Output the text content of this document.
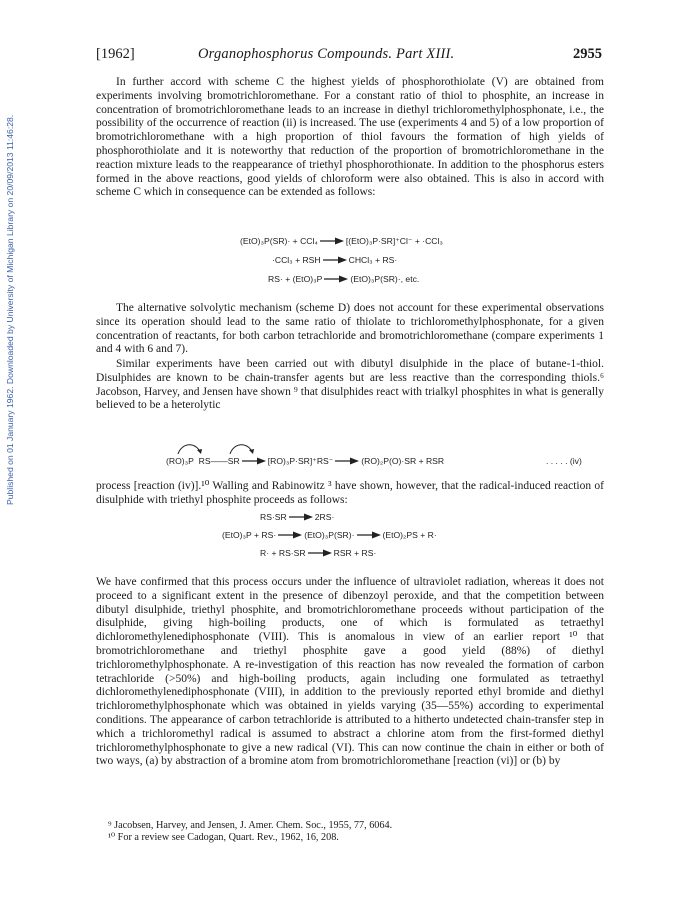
Published on 01 January 1962. Downloaded by University of Michigan Library on 20/09/2013 11:46:28.
[1962]	Organophosphorus Compounds. Part XIII.	2955

In further accord with scheme C the highest yields of phosphorothiolate (V) are obtained from experiments involving bromotrichloromethane. For a constant ratio of thiol to phosphite, an increase in concentration of bromotrichloromethane leads to an increase in diethyl trichloromethylphosphonate, i.e., the possibility of the occurrence of reaction (ii) is increased. The use (experiments 4 and 5) of a low proportion of bromotrichloromethane with a high proportion of thiol favours the formation of high yields of phosphorothiolate and it is noteworthy that reduction of the proportion of bromotrichloromethane in the reaction mixture leads to the reappearance of triethyl phosphorothionate. In addition to the phosphorus esters formed in the above reactions, good yields of chloroform were also obtained. This is also in accord with scheme C which in consequence can be extended as follows:

(EtO)₃P(SR)· + CCl₄	[(EtO)₃P·SR]⁺Cl⁻ + ·CCl₃
·CCl₃ + RSH	CHCl₃ + RS·
RS· + (EtO)₃P	(EtO)₃P(SR)·, etc.

The alternative solvolytic mechanism (scheme D) does not account for these experimental observations since its operation should lead to the same ratio of thiolate to trichloromethylphosphonate, for a given concentration of reactants, for both carbon tetrachloride and bromotrichloromethane (compare experiments 1 and 4 with 6 and 7).

Similar experiments have been carried out with dibutyl disulphide in the place of butane-1-thiol. Disulphides are known to be chain-transfer agents but are less reactive than the corresponding thiols.⁶ Jacobson, Harvey, and Jensen have shown ⁹ that disulphides react with trialkyl phosphites in what is generally believed to be a heterolytic

(RO)₃P RS——SR	[RO)₃P·SR]⁺RS⁻	(RO)₂P(O)·SR + RSR	. . . . . (iv)

process [reaction (iv)].¹⁰ Walling and Rabinowitz ³ have shown, however, that the radical-induced reaction of disulphide with triethyl phosphite proceeds as follows:

RS·SR	2RS·
(EtO)₃P + RS·	(EtO)₃P(SR)·	(EtO)₂PS + R·
R· + RS·SR	RSR + RS·

We have confirmed that this process occurs under the influence of ultraviolet radiation, whereas it does not proceed to a significant extent in the presence of dibenzoyl peroxide, and that the competition between dibutyl disulphide, triethyl phosphite, and bromotrichloromethane proceeds without participation of the disulphide, giving high-boiling products, one of which is formulated as tetraethyl dichloromethylenediphosphonate (VIII). This is anomalous in view of an earlier report ¹⁰ that bromotrichloromethane and triethyl phosphite gave a good yield (88%) of diethyl trichloromethylphosphonate. A re-investigation of this reaction has now revealed the formation of carbon tetrachloride (>50%) and high-boiling products, again including one formulated as tetraethyl dichloromethylenediphosphonate (VIII), in addition to the previously reported ethyl bromide and diethyl trichloromethylphosphonate which was obtained in yields varying (35—55%) according to experimental conditions. The appearance of carbon tetrachloride is attributed to a hitherto undetected chain-transfer step in which a trichloromethyl radical is assumed to abstract a chlorine atom from the first-formed diethyl trichloromethylphosphonate to give a new radical (VI). This can now continue the chain in either or both of two ways, (a) by abstraction of a bromine atom from bromotrichloromethane [reaction (vi)] or (b) by

⁹ Jacobsen, Harvey, and Jensen, J. Amer. Chem. Soc., 1955, 77, 6064.
¹⁰ For a review see Cadogan, Quart. Rev., 1962, 16, 208.
